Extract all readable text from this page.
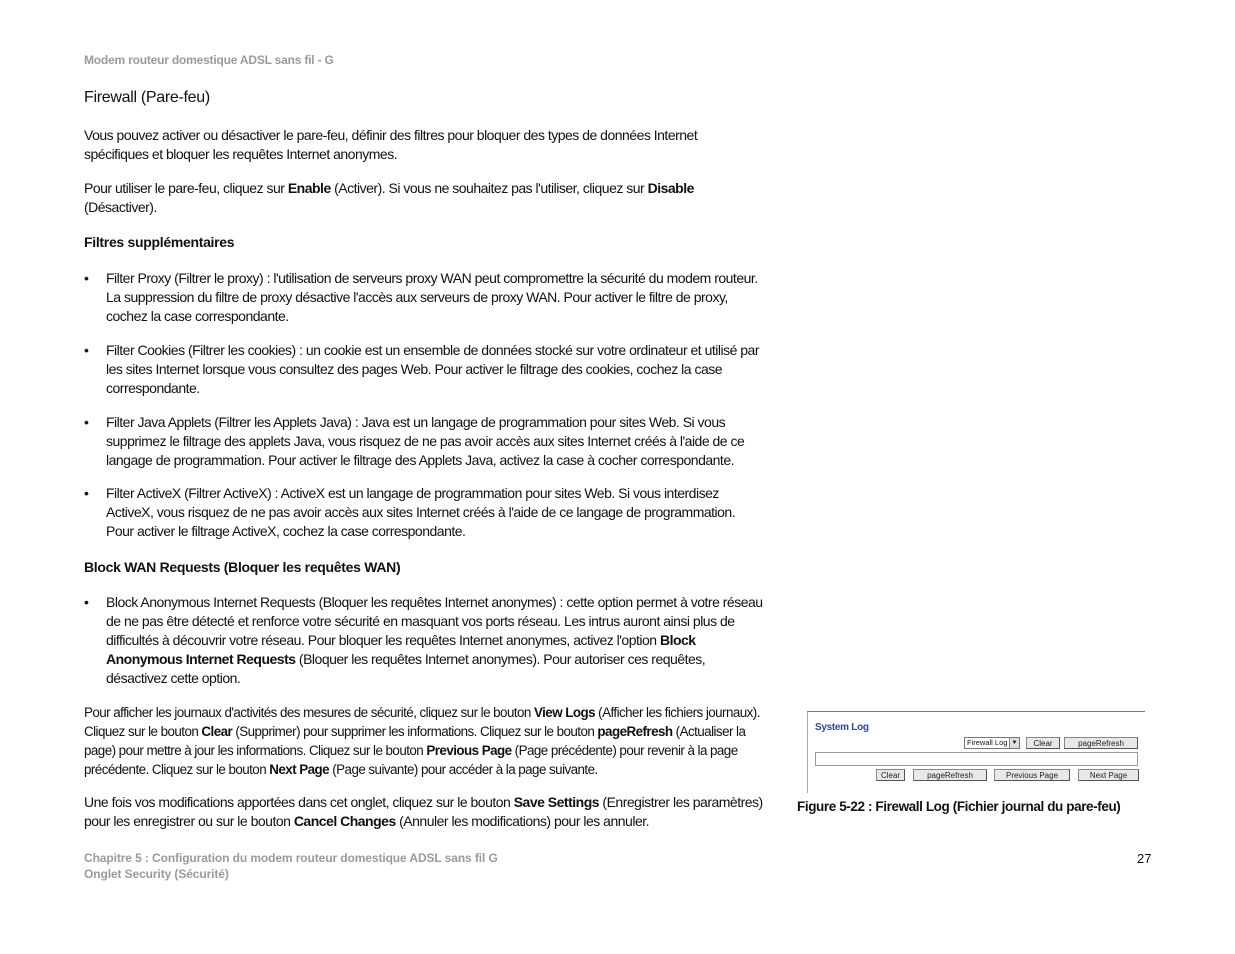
Modem routeur domestique ADSL sans fil - G
Firewall (Pare-feu)

Vous pouvez activer ou désactiver le pare-feu, définir des filtres pour bloquer des types de données Internet spécifiques et bloquer les requêtes Internet anonymes.

Pour utiliser le pare-feu, cliquez sur Enable (Activer). Si vous ne souhaitez pas l'utiliser, cliquez sur Disable (Désactiver).

Filtres supplémentaires
•	Filter Proxy (Filtrer le proxy) : l'utilisation de serveurs proxy WAN peut compromettre la sécurité du modem routeur. La suppression du filtre de proxy désactive l'accès aux serveurs de proxy WAN. Pour activer le filtre de proxy, cochez la case correspondante.
•	Filter Cookies (Filtrer les cookies) : un cookie est un ensemble de données stocké sur votre ordinateur et utilisé par les sites Internet lorsque vous consultez des pages Web. Pour activer le filtrage des cookies, cochez la case correspondante.
•	Filter Java Applets (Filtrer les Applets Java) : Java est un langage de programmation pour sites Web. Si vous supprimez le filtrage des applets Java, vous risquez de ne pas avoir accès aux sites Internet créés à l'aide de ce langage de programmation. Pour activer le filtrage des Applets Java, activez la case à cocher correspondante.
•	Filter ActiveX (Filtrer ActiveX) : ActiveX est un langage de programmation pour sites Web. Si vous interdisez ActiveX, vous risquez de ne pas avoir accès aux sites Internet créés à l'aide de ce langage de programmation. Pour activer le filtrage ActiveX, cochez la case correspondante.
Block WAN Requests (Bloquer les requêtes WAN)
•	Block Anonymous Internet Requests (Bloquer les requêtes Internet anonymes) : cette option permet à votre réseau de ne pas être détecté et renforce votre sécurité en masquant vos ports réseau. Les intrus auront ainsi plus de difficultés à découvrir votre réseau. Pour bloquer les requêtes Internet anonymes, activez l'option Block Anonymous Internet Requests (Bloquer les requêtes Internet anonymes). Pour autoriser ces requêtes, désactivez cette option.

Pour afficher les journaux d'activités des mesures de sécurité, cliquez sur le bouton View Logs (Afficher les fichiers journaux). Cliquez sur le bouton Clear (Supprimer) pour supprimer les informations. Cliquez sur le bouton pageRefresh (Actualiser la page) pour mettre à jour les informations. Cliquez sur le bouton Previous Page (Page précédente) pour revenir à la page précédente. Cliquez sur le bouton Next Page (Page suivante) pour accéder à la page suivante.

Une fois vos modifications apportées dans cet onglet, cliquez sur le bouton Save Settings (Enregistrer les paramètres) pour les enregistrer ou sur le bouton Cancel Changes (Annuler les modifications) pour les annuler.

System Log
Firewall Log ▼	Clear	pageRefresh
Clear	pageRefresh	Previous Page	Next Page
Figure 5-22 : Firewall Log (Fichier journal du pare-feu)
Chapitre 5 : Configuration du modem routeur domestique ADSL sans fil G
Onglet Security (Sécurité)
27
